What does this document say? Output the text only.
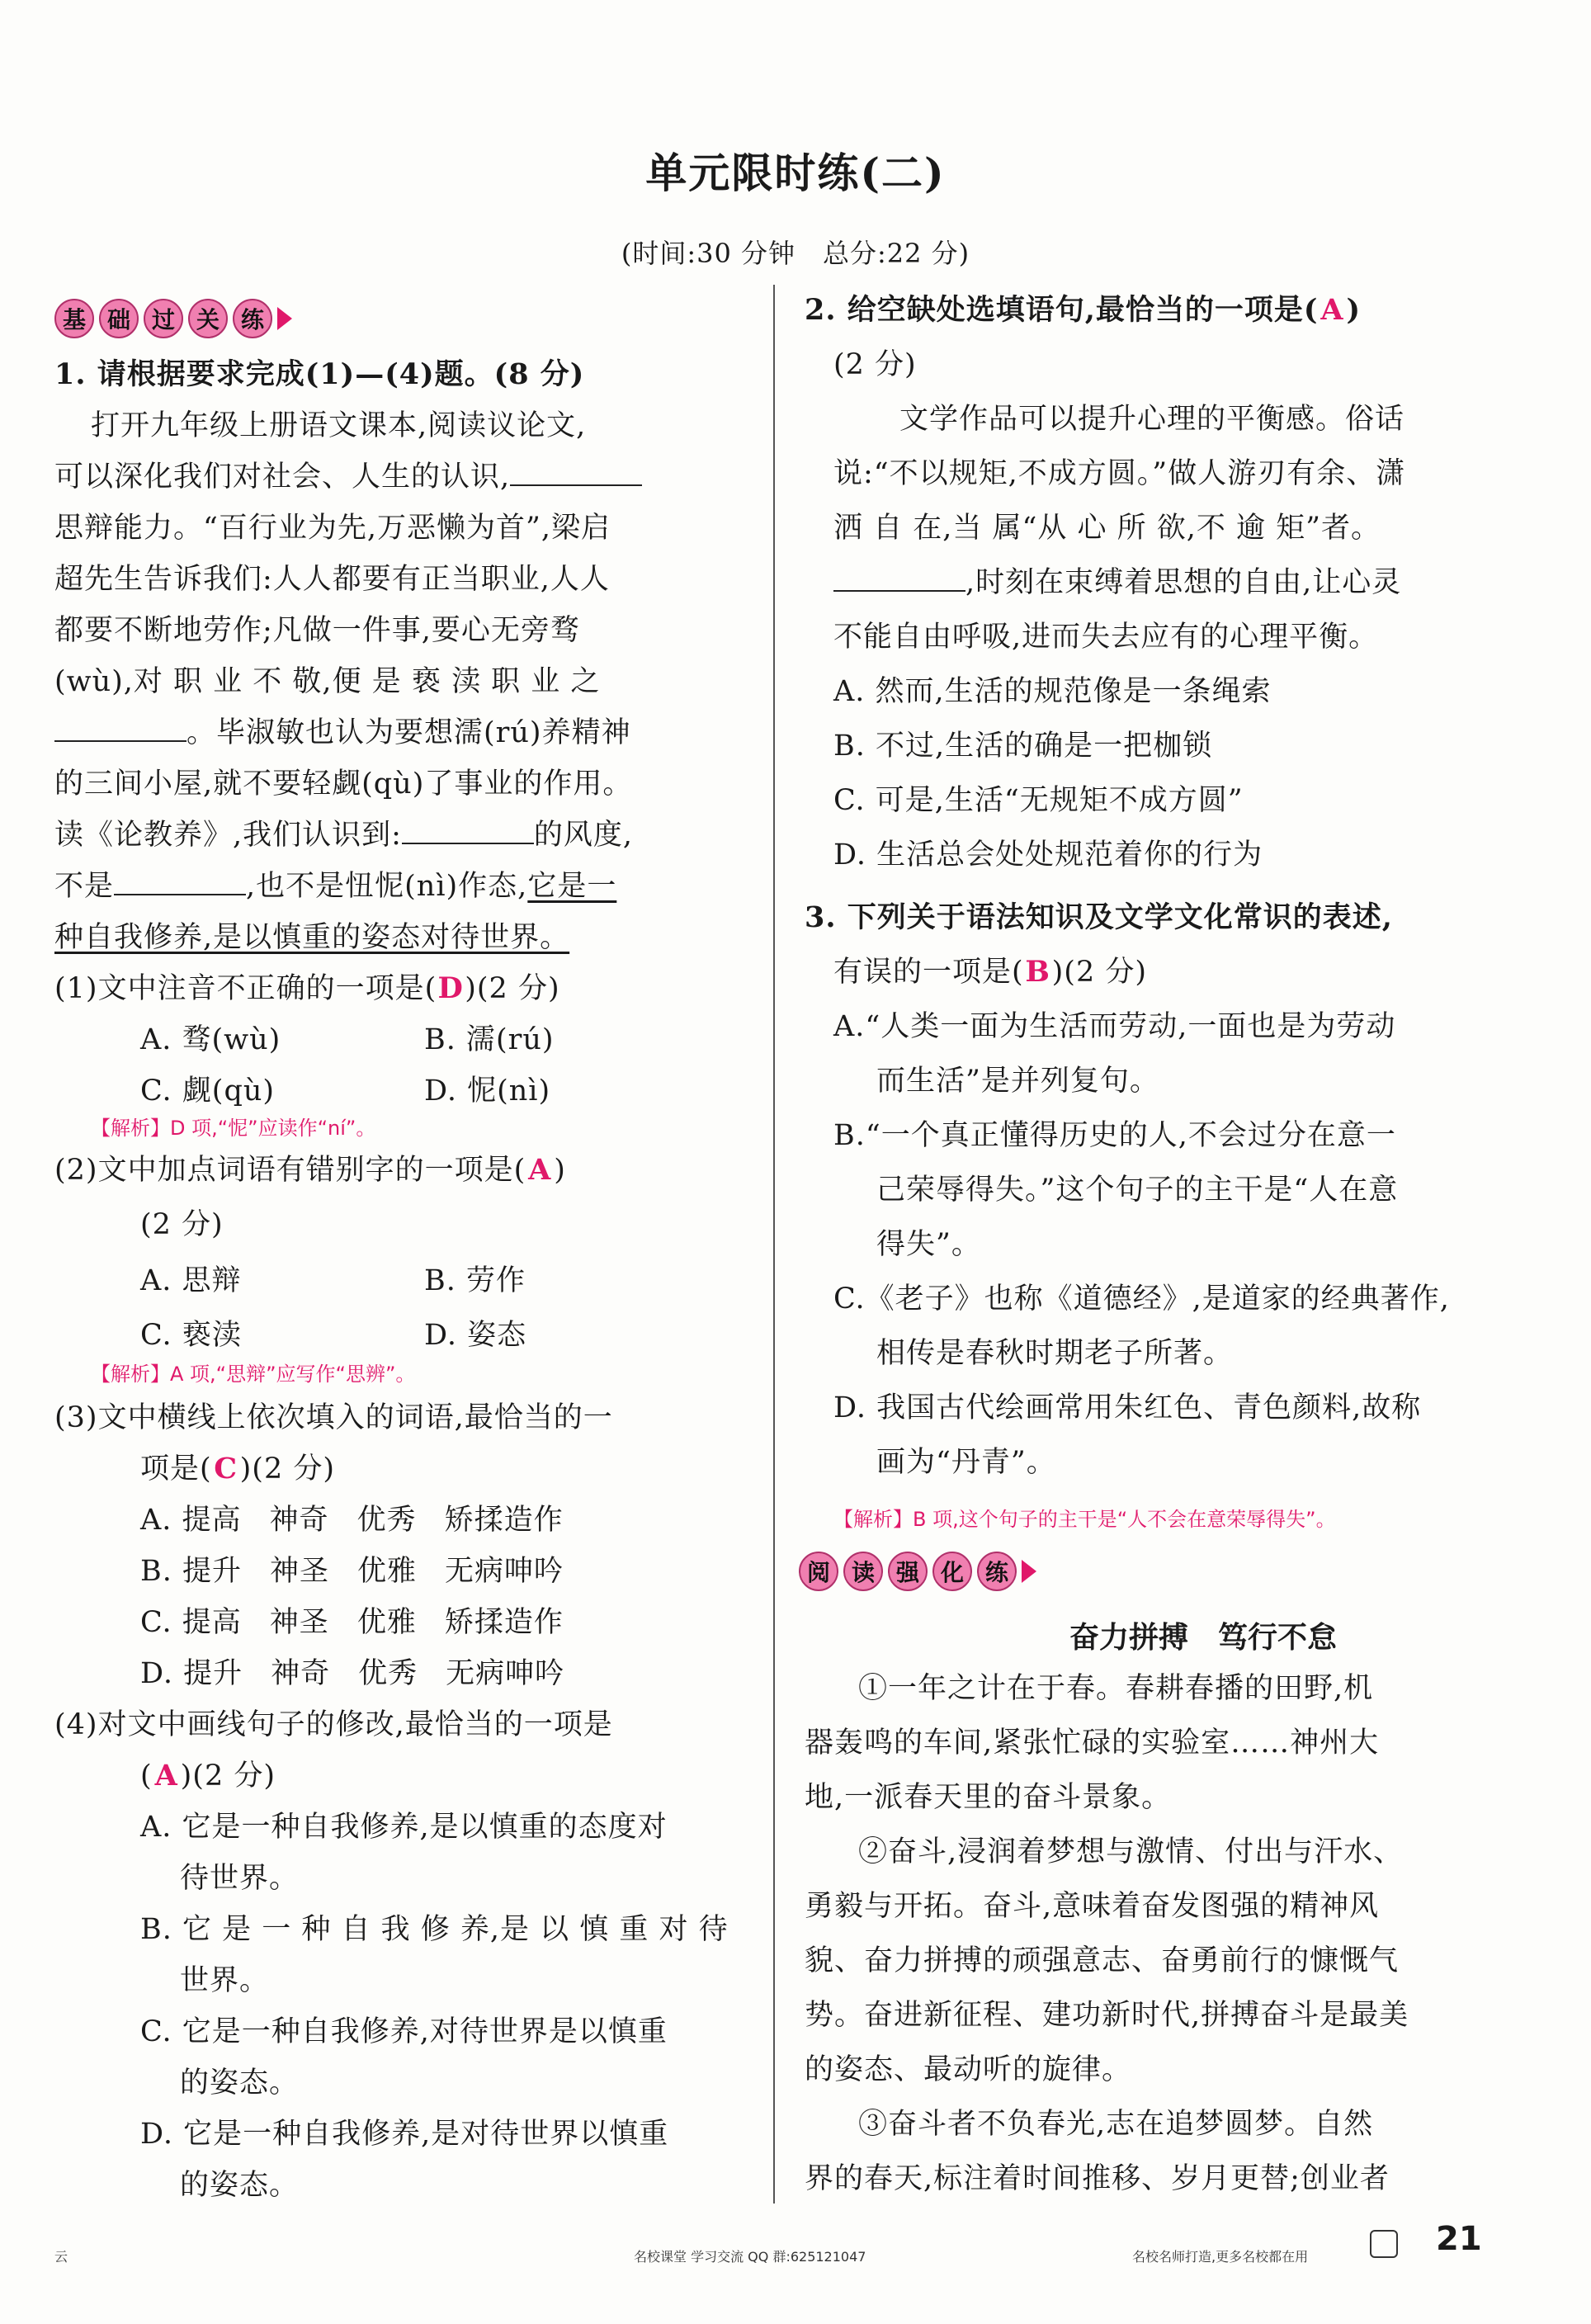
单元限时练(二)
(时间:30 分钟　总分:22 分)
基 础 过 关 练
1. 请根据要求完成(1)—(4)题。(8 分)
打开九年级上册语文课本,阅读议论文,
可以深化我们对社会、人生的认识,
思辩能力。“百行业为先,万恶懒为首”,梁启
超先生告诉我们:人人都要有正当职业,人人
都要不断地劳作;凡做一件事,要心无旁骛
(wù),对 职 业 不 敬,便 是 亵 渎 职 业 之
。毕淑敏也认为要想濡(rú)养精神
的三间小屋,就不要轻觑(qù)了事业的作用。
读《论教养》,我们认识到:	的风度,
不是	,也不是忸怩(nì)作态,它是一
种自我修养,是以慎重的姿态对待世界。
(1)文中注音不正确的一项是(D)(2 分)
A. 骛(wù)	B. 濡(rú)
C. 觑(qù)	D. 怩(nì)
【解析】D 项,“怩”应读作“ní”。
(2)文中加点词语有错别字的一项是(A)
(2 分)
A. 思辩	B. 劳作
C. 亵渎	D. 姿态
【解析】A 项,“思辩”应写作“思辨”。
(3)文中横线上依次填入的词语,最恰当的一
项是(C)(2 分)
A. 提高 神奇 优秀 矫揉造作
B. 提升 神圣 优雅 无病呻吟
C. 提高 神圣 优雅 矫揉造作
D. 提升 神奇 优秀 无病呻吟
(4)对文中画线句子的修改,最恰当的一项是
(A)(2 分)
A. 它是一种自我修养,是以慎重的态度对
待世界。
B. 它 是 一 种 自 我 修 养,是 以 慎 重 对 待
世界。
C. 它是一种自我修养,对待世界是以慎重
的姿态。
D. 它是一种自我修养,是对待世界以慎重
的姿态。
2. 给空缺处选填语句,最恰当的一项是(A)
(2 分)
文学作品可以提升心理的平衡感。俗话
说:“不以规矩,不成方圆。”做人游刃有余、潇
洒 自 在,当 属“从 心 所 欲,不 逾 矩”者。
,时刻在束缚着思想的自由,让心灵
不能自由呼吸,进而失去应有的心理平衡。
A. 然而,生活的规范像是一条绳索
B. 不过,生活的确是一把枷锁
C. 可是,生活“无规矩不成方圆”
D. 生活总会处处规范着你的行为
3. 下列关于语法知识及文学文化常识的表述,
有误的一项是(B)(2 分)
A.“人类一面为生活而劳动,一面也是为劳动
而生活”是并列复句。
B.“一个真正懂得历史的人,不会过分在意一
己荣辱得失。”这个句子的主干是“人在意
得失”。
C.《老子》也称《道德经》,是道家的经典著作,
相传是春秋时期老子所著。
D. 我国古代绘画常用朱红色、青色颜料,故称
画为“丹青”。
【解析】B 项,这个句子的主干是“人不会在意荣辱得失”。
阅 读 强 化 练
奋力拼搏　笃行不怠
①一年之计在于春。春耕春播的田野,机
器轰鸣的车间,紧张忙碌的实验室……神州大
地,一派春天里的奋斗景象。
②奋斗,浸润着梦想与激情、付出与汗水、
勇毅与开拓。奋斗,意味着奋发图强的精神风
貌、奋力拼搏的顽强意志、奋勇前行的慷慨气
势。奋进新征程、建功新时代,拼搏奋斗是最美
的姿态、最动听的旋律。
③奋斗者不负春光,志在追梦圆梦。自然
界的春天,标注着时间推移、岁月更替;创业者
云	名校课堂 学习交流 QQ 群:625121047	名校名师打造,更多名校都在用	21
